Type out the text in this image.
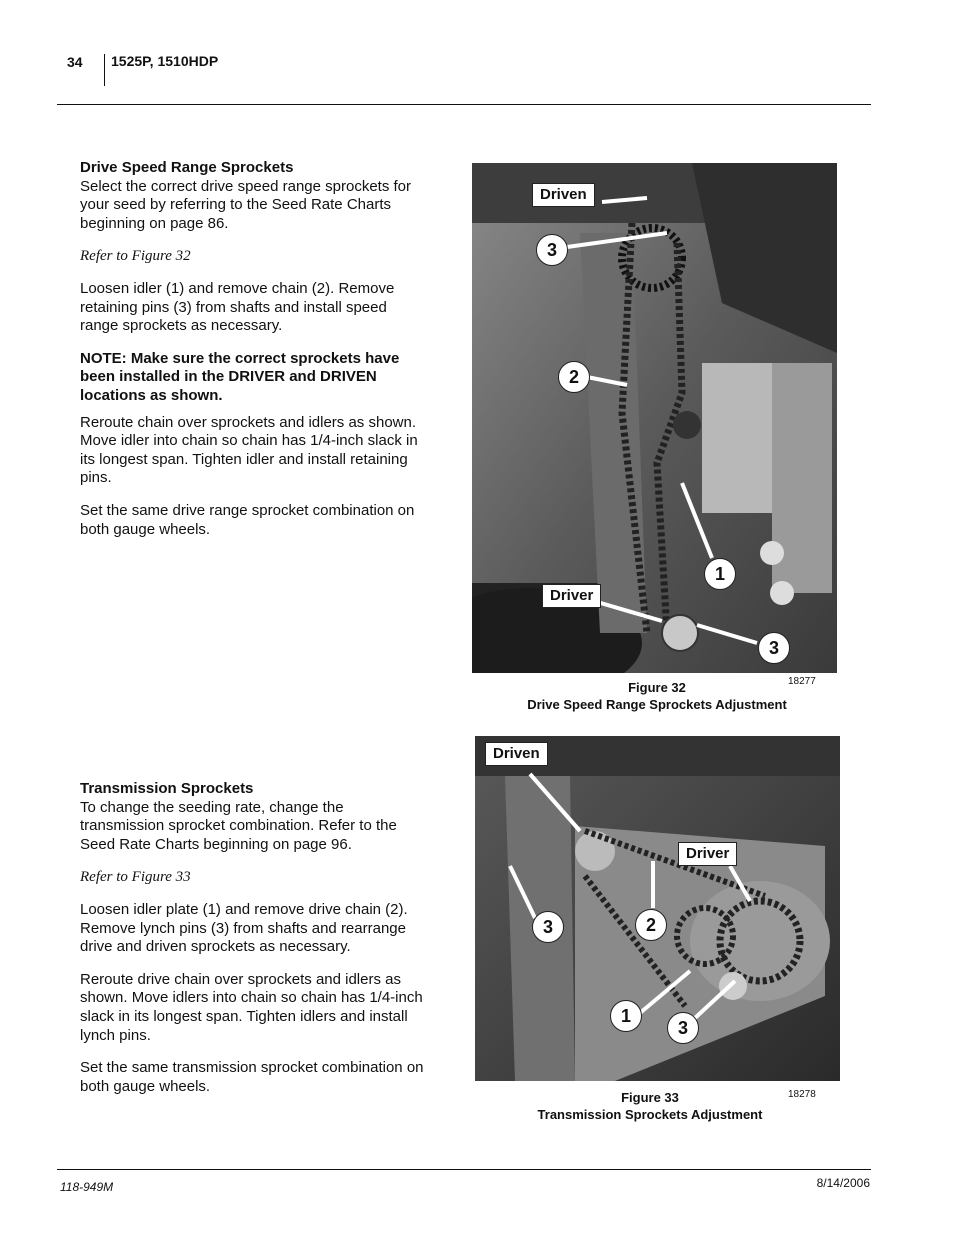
34 1525P, 1510HDP

Drive Speed Range Sprockets

Select the correct drive speed range sprockets for your seed by referring to the Seed Rate Charts beginning on page 86.

Refer to Figure 32

Loosen idler (1) and remove chain (2). Remove retaining pins (3) from shafts and install speed range sprockets as necessary.

NOTE: Make sure the correct sprockets have been installed in the DRIVER and DRIVEN locations as shown.

Reroute chain over sprockets and idlers as shown. Move idler into chain so chain has 1/4-inch slack in its longest span. Tighten idler and install retaining pins.

Set the same drive range sprocket combination on both gauge wheels.

Driven
3
2
1
Driver
3
18277
Figure 32
Drive Speed Range Sprockets Adjustment

Transmission Sprockets

To change the seeding rate, change the transmission sprocket combination. Refer to the Seed Rate Charts beginning on page 96.

Refer to Figure 33

Loosen idler plate (1) and remove drive chain (2). Remove lynch pins (3) from shafts and rearrange drive and driven sprockets as necessary.

Reroute drive chain over sprockets and idlers as shown. Move idlers into chain so chain has 1/4-inch slack in its longest span. Tighten idlers and install lynch pins.

Set the same transmission sprocket combination on both gauge wheels.

Driven
Driver
3	2
1
3
18278
Figure 33
Transmission Sprockets Adjustment
118-949M	8/14/2006
